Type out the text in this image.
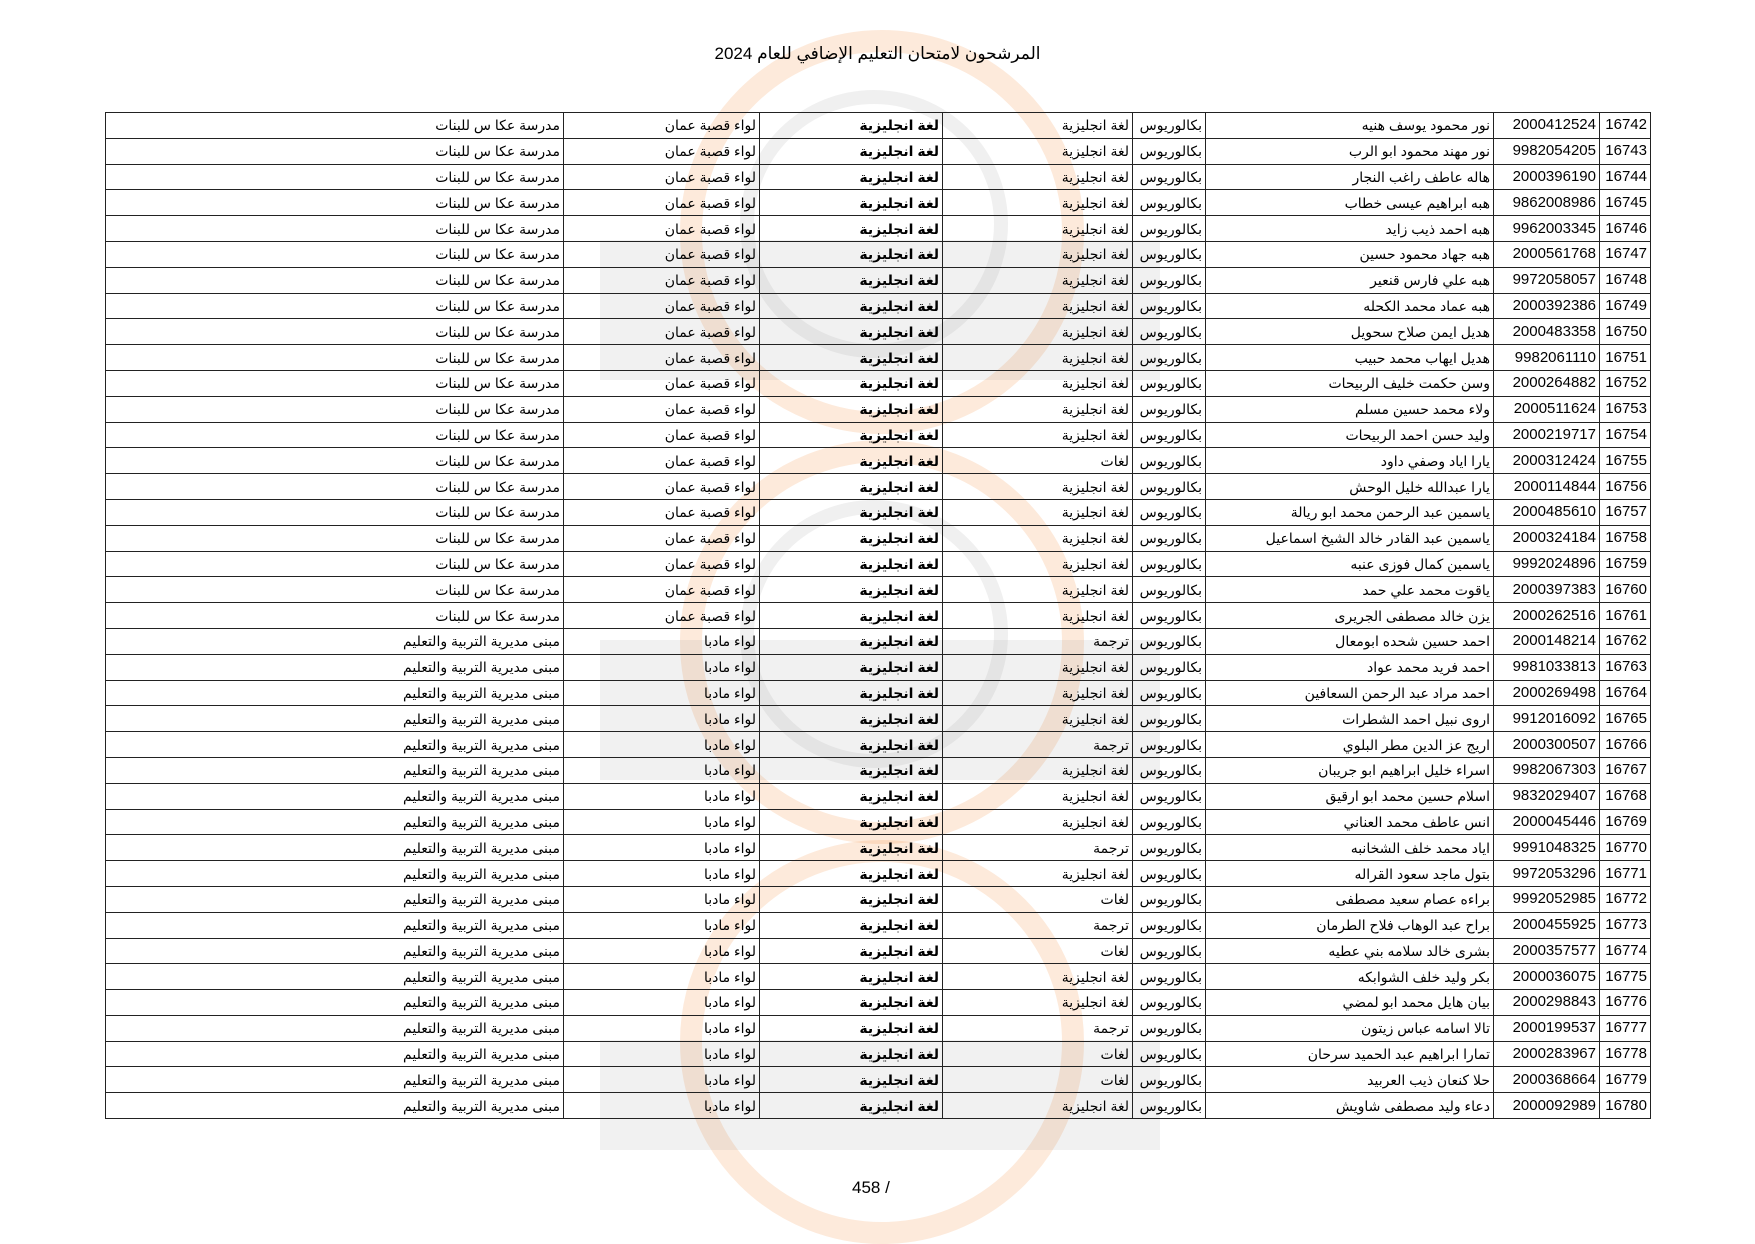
المرشحون لامتحان التعليم الإضافي للعام 2024
16742	2000412524	نور محمود يوسف هنيه	بكالوريوس	لغة انجليزية	لغة انجليزية	لواء قصبة عمان	مدرسة عكا س للبنات
16743	9982054205	نور مهند محمود ابو الرب	بكالوريوس	لغة انجليزية	لغة انجليزية	لواء قصبة عمان	مدرسة عكا س للبنات
16744	2000396190	هاله عاطف راغب النجار	بكالوريوس	لغة انجليزية	لغة انجليزية	لواء قصبة عمان	مدرسة عكا س للبنات
16745	9862008986	هبه ابراهيم عيسى خطاب	بكالوريوس	لغة انجليزية	لغة انجليزية	لواء قصبة عمان	مدرسة عكا س للبنات
16746	9962003345	هبه احمد ذيب زايد	بكالوريوس	لغة انجليزية	لغة انجليزية	لواء قصبة عمان	مدرسة عكا س للبنات
16747	2000561768	هبه جهاد محمود حسين	بكالوريوس	لغة انجليزية	لغة انجليزية	لواء قصبة عمان	مدرسة عكا س للبنات
16748	9972058057	هبه علي فارس قنعير	بكالوريوس	لغة انجليزية	لغة انجليزية	لواء قصبة عمان	مدرسة عكا س للبنات
16749	2000392386	هبه عماد محمد الكحله	بكالوريوس	لغة انجليزية	لغة انجليزية	لواء قصبة عمان	مدرسة عكا س للبنات
16750	2000483358	هديل ايمن صلاح سحويل	بكالوريوس	لغة انجليزية	لغة انجليزية	لواء قصبة عمان	مدرسة عكا س للبنات
16751	9982061110	هديل ايهاب محمد حبيب	بكالوريوس	لغة انجليزية	لغة انجليزية	لواء قصبة عمان	مدرسة عكا س للبنات
16752	2000264882	وسن حكمت خليف الربيحات	بكالوريوس	لغة انجليزية	لغة انجليزية	لواء قصبة عمان	مدرسة عكا س للبنات
16753	2000511624	ولاء محمد حسين مسلم	بكالوريوس	لغة انجليزية	لغة انجليزية	لواء قصبة عمان	مدرسة عكا س للبنات
16754	2000219717	وليد حسن احمد الربيحات	بكالوريوس	لغة انجليزية	لغة انجليزية	لواء قصبة عمان	مدرسة عكا س للبنات
16755	2000312424	يارا اياد وصفي داود	بكالوريوس	لغات	لغة انجليزية	لواء قصبة عمان	مدرسة عكا س للبنات
16756	2000114844	يارا عبدالله خليل الوحش	بكالوريوس	لغة انجليزية	لغة انجليزية	لواء قصبة عمان	مدرسة عكا س للبنات
16757	2000485610	ياسمين عبد الرحمن محمد ابو ريالة	بكالوريوس	لغة انجليزية	لغة انجليزية	لواء قصبة عمان	مدرسة عكا س للبنات
16758	2000324184	ياسمين عبد القادر خالد الشيخ اسماعيل	بكالوريوس	لغة انجليزية	لغة انجليزية	لواء قصبة عمان	مدرسة عكا س للبنات
16759	9992024896	ياسمين كمال فوزى عنبه	بكالوريوس	لغة انجليزية	لغة انجليزية	لواء قصبة عمان	مدرسة عكا س للبنات
16760	2000397383	ياقوت محمد علي حمد	بكالوريوس	لغة انجليزية	لغة انجليزية	لواء قصبة عمان	مدرسة عكا س للبنات
16761	2000262516	يزن خالد مصطفى الجريرى	بكالوريوس	لغة انجليزية	لغة انجليزية	لواء قصبة عمان	مدرسة عكا س للبنات
16762	2000148214	احمد حسين شحده ابومعال	بكالوريوس	ترجمة	لغة انجليزية	لواء مادبا	مبنى مديرية التربية والتعليم
16763	9981033813	احمد فريد محمد عواد	بكالوريوس	لغة انجليزية	لغة انجليزية	لواء مادبا	مبنى مديرية التربية والتعليم
16764	2000269498	احمد مراد عبد الرحمن السعافين	بكالوريوس	لغة انجليزية	لغة انجليزية	لواء مادبا	مبنى مديرية التربية والتعليم
16765	9912016092	اروى نبيل احمد الشطرات	بكالوريوس	لغة انجليزية	لغة انجليزية	لواء مادبا	مبنى مديرية التربية والتعليم
16766	2000300507	اريج عز الدين مطر البلوي	بكالوريوس	ترجمة	لغة انجليزية	لواء مادبا	مبنى مديرية التربية والتعليم
16767	9982067303	اسراء خليل ابراهيم ابو جريبان	بكالوريوس	لغة انجليزية	لغة انجليزية	لواء مادبا	مبنى مديرية التربية والتعليم
16768	9832029407	اسلام حسين محمد ابو ارقيق	بكالوريوس	لغة انجليزية	لغة انجليزية	لواء مادبا	مبنى مديرية التربية والتعليم
16769	2000045446	انس عاطف محمد العناني	بكالوريوس	لغة انجليزية	لغة انجليزية	لواء مادبا	مبنى مديرية التربية والتعليم
16770	9991048325	اياد محمد خلف الشخانبه	بكالوريوس	ترجمة	لغة انجليزية	لواء مادبا	مبنى مديرية التربية والتعليم
16771	9972053296	بتول ماجد سعود القراله	بكالوريوس	لغة انجليزية	لغة انجليزية	لواء مادبا	مبنى مديرية التربية والتعليم
16772	9992052985	براءه عصام سعيد مصطفى	بكالوريوس	لغات	لغة انجليزية	لواء مادبا	مبنى مديرية التربية والتعليم
16773	2000455925	براح عبد الوهاب فلاح الطرمان	بكالوريوس	ترجمة	لغة انجليزية	لواء مادبا	مبنى مديرية التربية والتعليم
16774	2000357577	بشرى خالد سلامه بني عطيه	بكالوريوس	لغات	لغة انجليزية	لواء مادبا	مبنى مديرية التربية والتعليم
16775	2000036075	بكر وليد خلف الشوابكه	بكالوريوس	لغة انجليزية	لغة انجليزية	لواء مادبا	مبنى مديرية التربية والتعليم
16776	2000298843	بيان هايل محمد ابو لمضي	بكالوريوس	لغة انجليزية	لغة انجليزية	لواء مادبا	مبنى مديرية التربية والتعليم
16777	2000199537	تالا اسامه عباس زيتون	بكالوريوس	ترجمة	لغة انجليزية	لواء مادبا	مبنى مديرية التربية والتعليم
16778	2000283967	تمارا ابراهيم عبد الحميد سرحان	بكالوريوس	لغات	لغة انجليزية	لواء مادبا	مبنى مديرية التربية والتعليم
16779	2000368664	حلا كنعان ذيب العربيد	بكالوريوس	لغات	لغة انجليزية	لواء مادبا	مبنى مديرية التربية والتعليم
16780	2000092989	دعاء وليد مصطفى شاويش	بكالوريوس	لغة انجليزية	لغة انجليزية	لواء مادبا	مبنى مديرية التربية والتعليم
458 /
